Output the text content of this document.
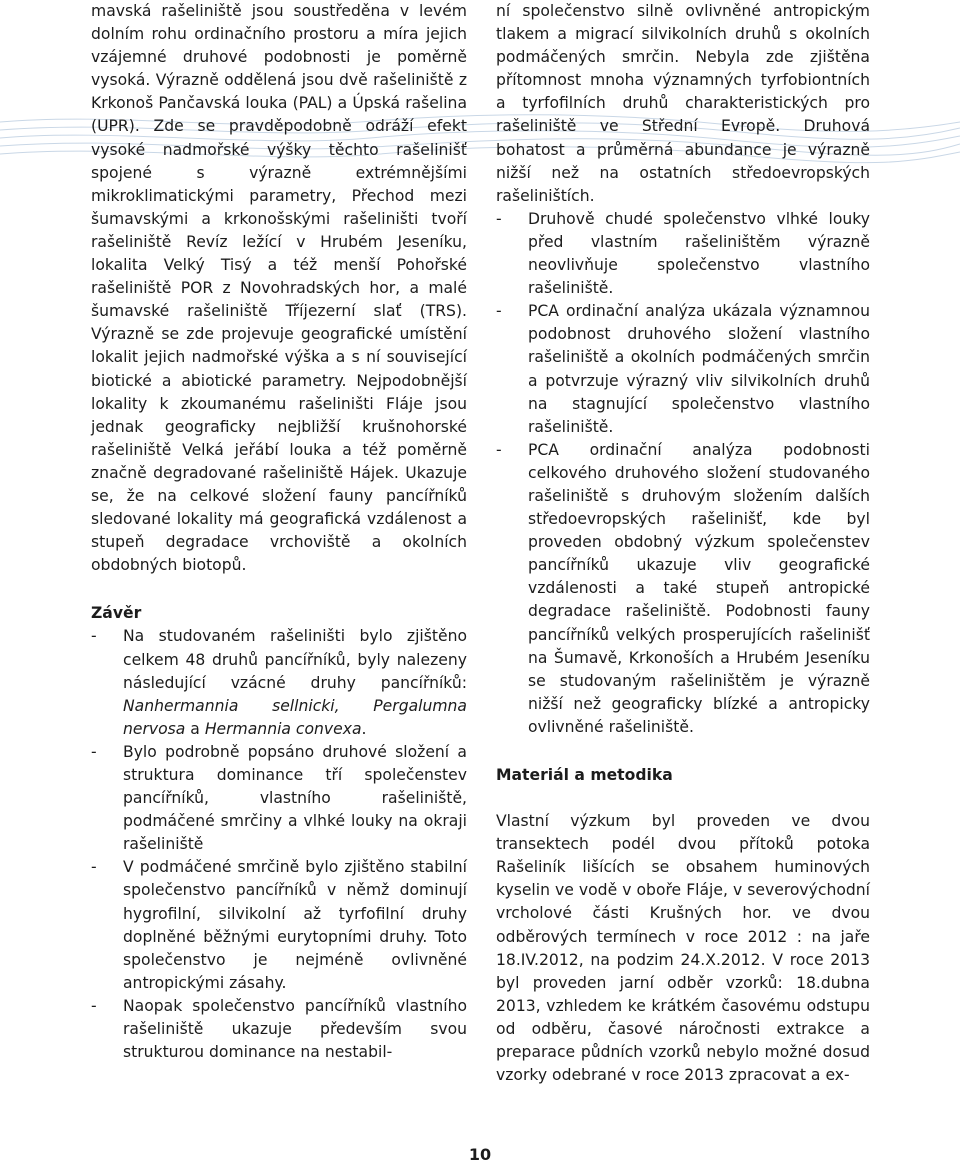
mavská rašeliniště jsou soustředěna v levém dolním rohu ordinačního prostoru a míra jejich vzájemné druhové podobnosti je poměrně vysoká. Výrazně oddělená jsou dvě rašeliniště z Krkonoš Pančavská louka (PAL) a Úpská rašelina (UPR). Zde se pravděpodobně odráží efekt vysoké nadmořské výšky těchto rašelinišť spojené s výrazně extrémnějšími mikroklimatickými parametry, Přechod mezi šumavskými a krkonošskými rašeliništi tvoří rašeliniště Revíz ležící v Hrubém Jeseníku, lokalita Velký Tisý a též menší Pohořské rašeliniště POR z Novohradských hor, a malé šumavské rašeliniště Tříjezerní slať (TRS). Výrazně se zde projevuje geografické umístění lokalit jejich nadmořské výška a s ní související biotické a abiotické parametry. Nejpodobnější lokality k zkoumanému rašeliništi Fláje jsou jednak geograficky nejbližší krušnohorské rašeliniště Velká jeřábí louka a též poměrně značně degradované rašeliniště Hájek. Ukazuje se, že na celkové složení fauny pancířníků sledované lokality má geografická vzdálenost a stupeň degradace vrchoviště a okolních obdobných biotopů.

Závěr
- Na studovaném rašeliništi bylo zjištěno celkem 48 druhů pancířníků, byly nalezeny následující vzácné druhy pancířníků: Nanhermannia sellnicki, Pergalumna nervosa a Hermannia convexa.
- Bylo podrobně popsáno druhové složení a struktura dominance tří společenstev pancířníků, vlastního rašeliniště, podmáčené smrčiny a vlhké louky na okraji rašeliniště
- V podmáčené smrčině bylo zjištěno stabilní společenstvo pancířníků v němž dominují hygrofilní, silvikolní až tyrfofilní druhy doplněné běžnými eurytopními druhy. Toto společenstvo je nejméně ovlivněné antropickými zásahy.
- Naopak společenstvo pancířníků vlastního rašeliniště ukazuje především svou strukturou dominance na nestabil-

ní společenstvo silně ovlivněné antropickým tlakem a migrací silvikolních druhů s okolních podmáčených smrčin. Nebyla zde zjištěna přítomnost mnoha významných tyrfobiontních a tyrfofilních druhů charakteristických pro rašeliniště ve Střední Evropě. Druhová bohatost a průměrná abundance je výrazně nižší než na ostatních středoevropských rašeliništích.

- Druhově chudé společenstvo vlhké louky před vlastním rašeliništěm výrazně neovlivňuje společenstvo vlastního rašeliniště.
- PCA ordinační analýza ukázala významnou podobnost druhového složení vlastního rašeliniště a okolních podmáčených smrčin a potvrzuje výrazný vliv silvikolních druhů na stagnující společenstvo vlastního rašeliniště.
- PCA ordinační analýza podobnosti celkového druhového složení studovaného rašeliniště s druhovým složením dalších středoevropských rašelinišť, kde byl proveden obdobný výzkum společenstev pancířníků ukazuje vliv geografické vzdálenosti a také stupeň antropické degradace rašeliniště. Podobnosti fauny pancířníků velkých prosperujících rašelinišť na Šumavě, Krkonoších a Hrubém Jeseníku se studovaným rašeliništěm je výrazně nižší než geograficky blízké a antropicky ovlivněné rašeliniště.
Materiál a metodika

Vlastní výzkum byl proveden ve dvou transektech podél dvou přítoků potoka Rašeliník lišících se obsahem huminových kyselin ve vodě v oboře Fláje, v severovýchodní vrcholové části Krušných hor. ve dvou odběrových termínech v roce 2012 : na jaře 18.IV.2012, na podzim 24.X.2012. V roce 2013 byl proveden jarní odběr vzorků: 18.dubna 2013, vzhledem ke krátkém časovému odstupu od odběru, časové náročnosti extrakce a preparace půdních vzorků nebylo možné dosud vzorky odebrané v roce 2013 zpracovat a ex-

10
